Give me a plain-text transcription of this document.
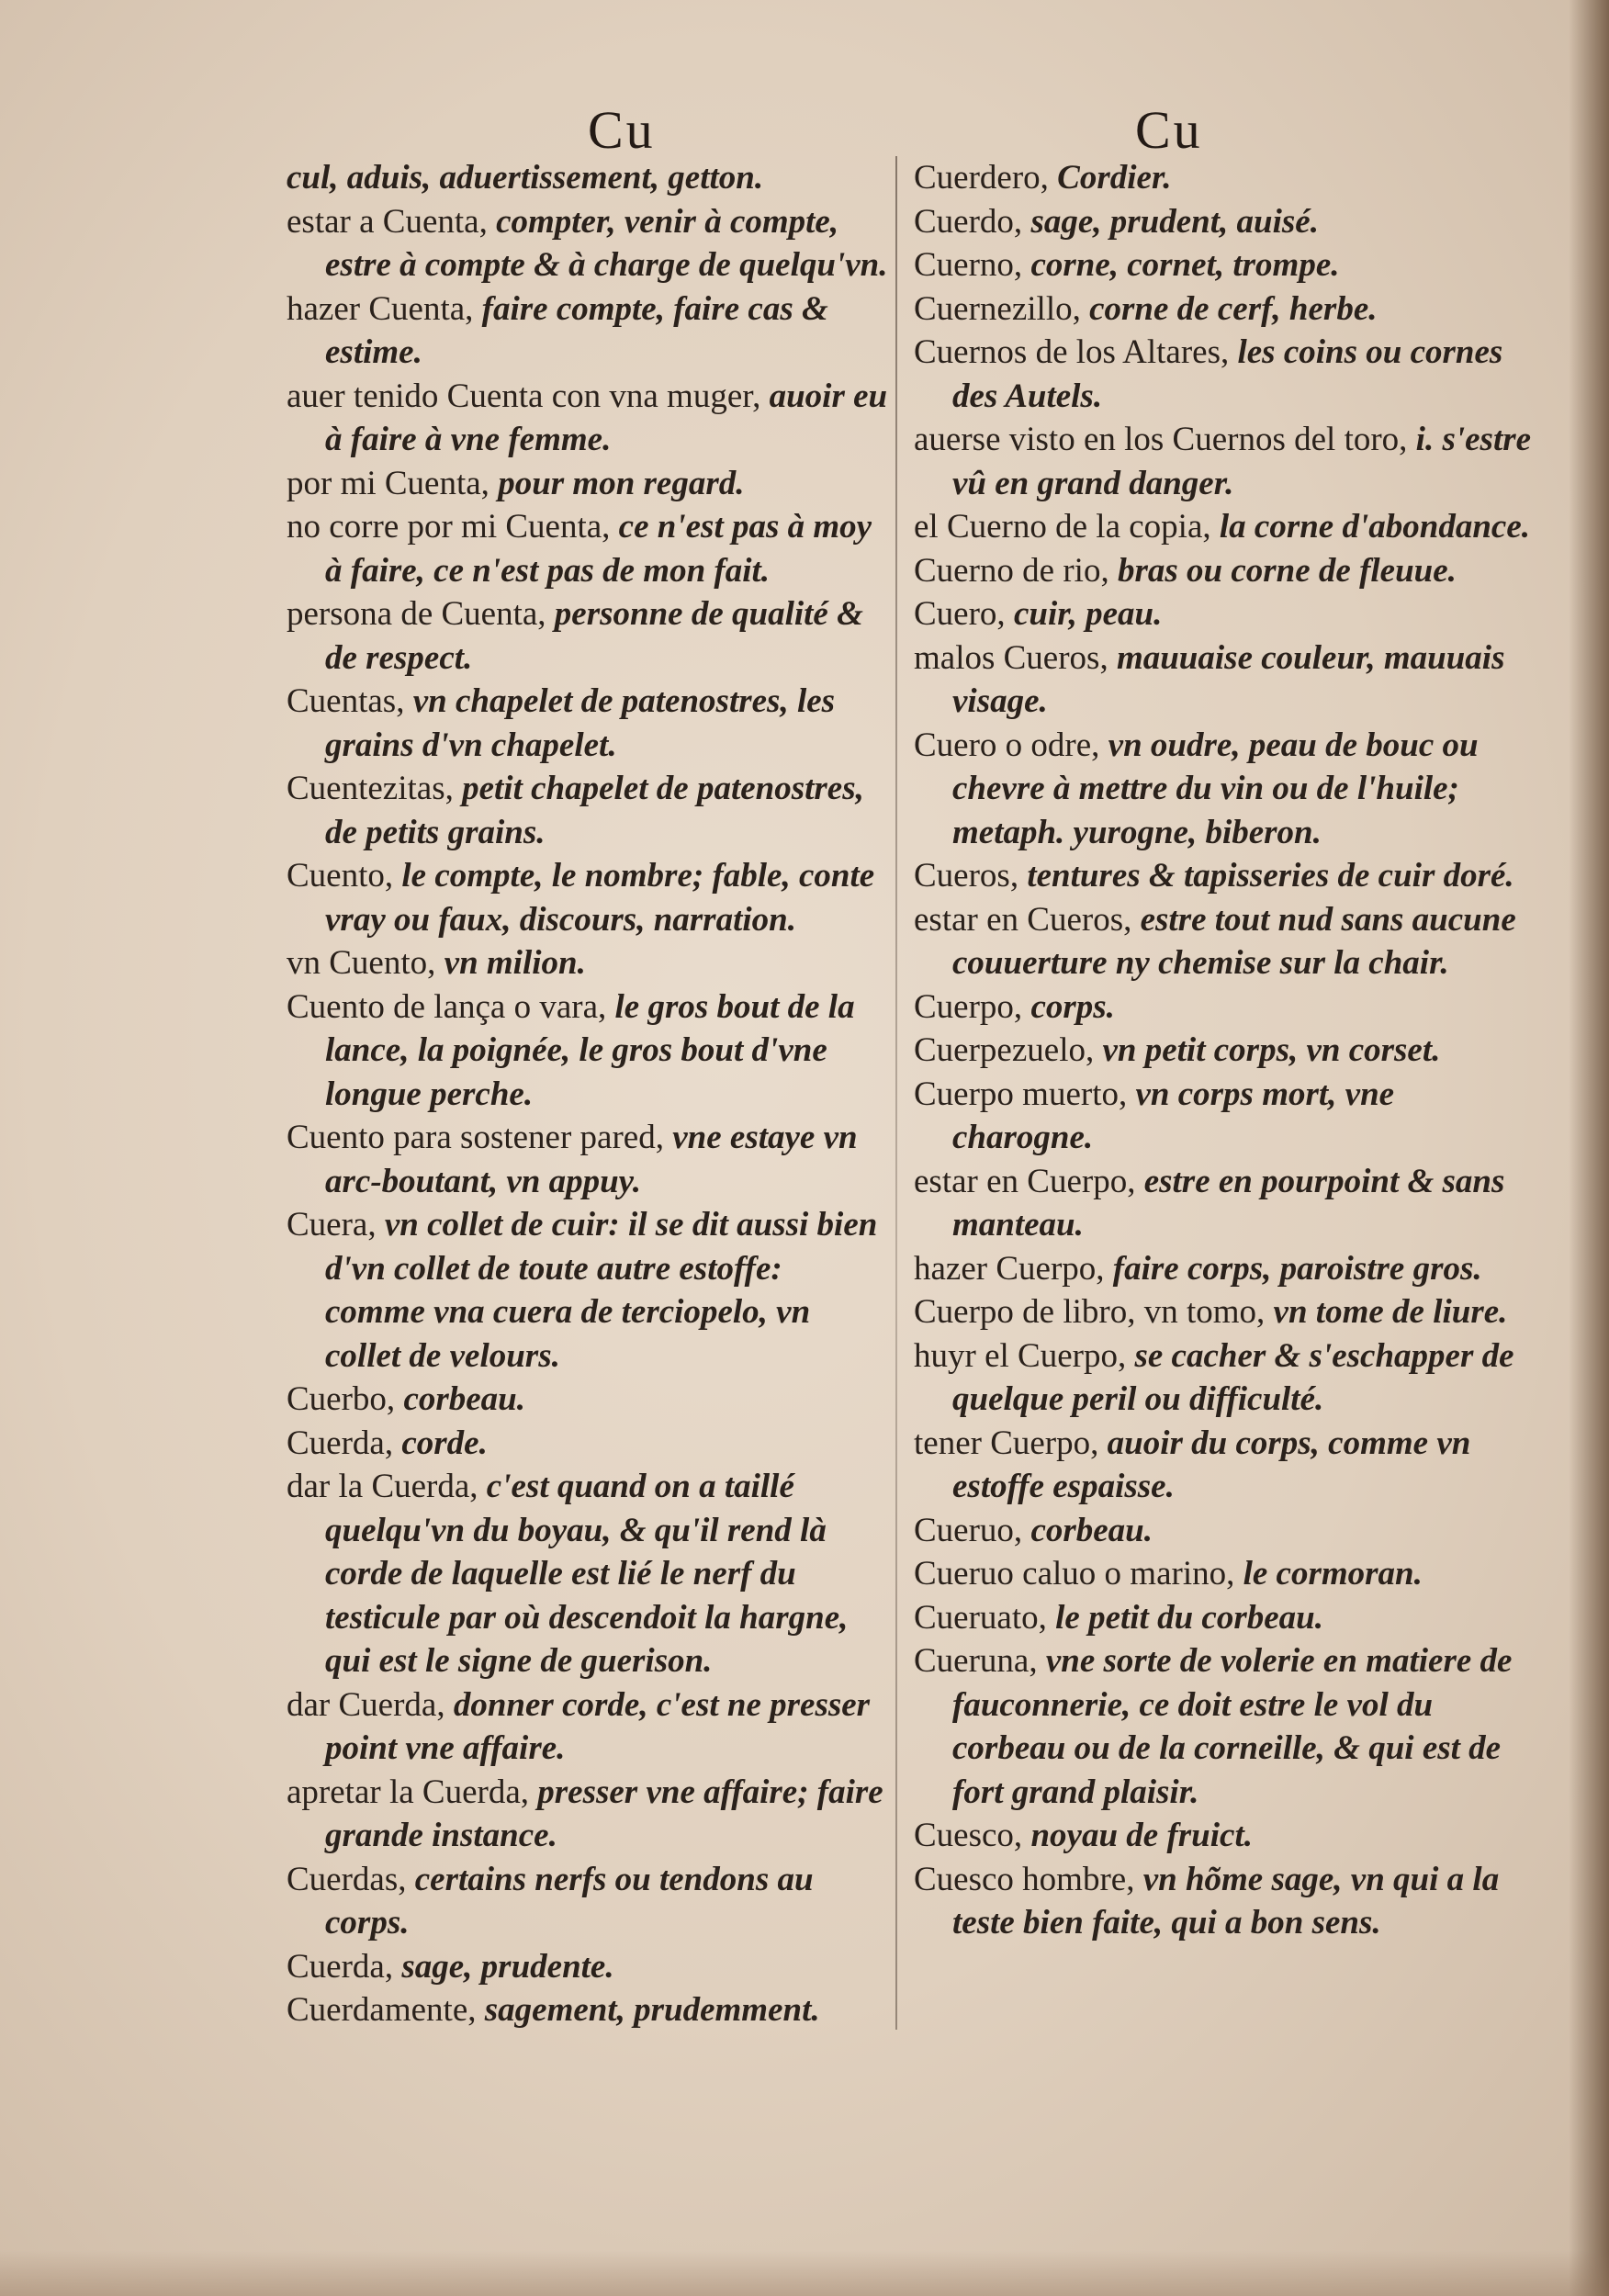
Cu	Cu

cul, aduis, aduertissement, getton.

estar a Cuenta, compter, venir à compte, estre à compte & à charge de quelqu'vn.

hazer Cuenta, faire compte, faire cas & estime.

auer tenido Cuenta con vna muger, auoir eu à faire à vne femme.

por mi Cuenta, pour mon regard.

no corre por mi Cuenta, ce n'est pas à moy à faire, ce n'est pas de mon fait.

persona de Cuenta, personne de qualité & de respect.

Cuentas, vn chapelet de patenostres, les grains d'vn chapelet.

Cuentezitas, petit chapelet de patenostres, de petits grains.

Cuento, le compte, le nombre; fable, conte vray ou faux, discours, narration.

vn Cuento, vn milion.

Cuento de lança o vara, le gros bout de la lance, la poignée, le gros bout d'vne longue perche.

Cuento para sostener pared, vne estaye vn arc-boutant, vn appuy.

Cuera, vn collet de cuir: il se dit aussi bien d'vn collet de toute autre estoffe: comme vna cuera de terciopelo, vn collet de velours.

Cuerbo, corbeau.

Cuerda, corde.

dar la Cuerda, c'est quand on a taillé quelqu'vn du boyau, & qu'il rend là corde de laquelle est lié le nerf du testicule par où descendoit la hargne, qui est le signe de guerison.

dar Cuerda, donner corde, c'est ne presser point vne affaire.

apretar la Cuerda, presser vne affaire; faire grande instance.

Cuerdas, certains nerfs ou tendons au corps.

Cuerda, sage, prudente.

Cuerdamente, sagement, prudemment.

Cuerdero, Cordier.

Cuerdo, sage, prudent, auisé.

Cuerno, corne, cornet, trompe.

Cuernezillo, corne de cerf, herbe.

Cuernos de los Altares, les coins ou cornes des Autels.

auerse visto en los Cuernos del toro, i. s'estre vû en grand danger.

el Cuerno de la copia, la corne d'abondance.

Cuerno de rio, bras ou corne de fleuue.

Cuero, cuir, peau.

malos Cueros, mauuaise couleur, mauuais visage.

Cuero o odre, vn oudre, peau de bouc ou chevre à mettre du vin ou de l'huile; metaph. yurogne, biberon.

Cueros, tentures & tapisseries de cuir doré.

estar en Cueros, estre tout nud sans aucune couuerture ny chemise sur la chair.

Cuerpo, corps.

Cuerpezuelo, vn petit corps, vn corset.

Cuerpo muerto, vn corps mort, vne charogne.

estar en Cuerpo, estre en pourpoint & sans manteau.

hazer Cuerpo, faire corps, paroistre gros.

Cuerpo de libro, vn tomo, vn tome de liure.

huyr el Cuerpo, se cacher & s'eschapper de quelque peril ou difficulté.

tener Cuerpo, auoir du corps, comme vn estoffe espaisse.

Cueruo, corbeau.

Cueruo caluo o marino, le cormoran.

Cueruato, le petit du corbeau.

Cueruna, vne sorte de volerie en matiere de fauconnerie, ce doit estre le vol du corbeau ou de la corneille, & qui est de fort grand plaisir.

Cuesco, noyau de fruict.

Cuesco hombre, vn hõme sage, vn qui a la teste bien faite, qui a bon sens.
